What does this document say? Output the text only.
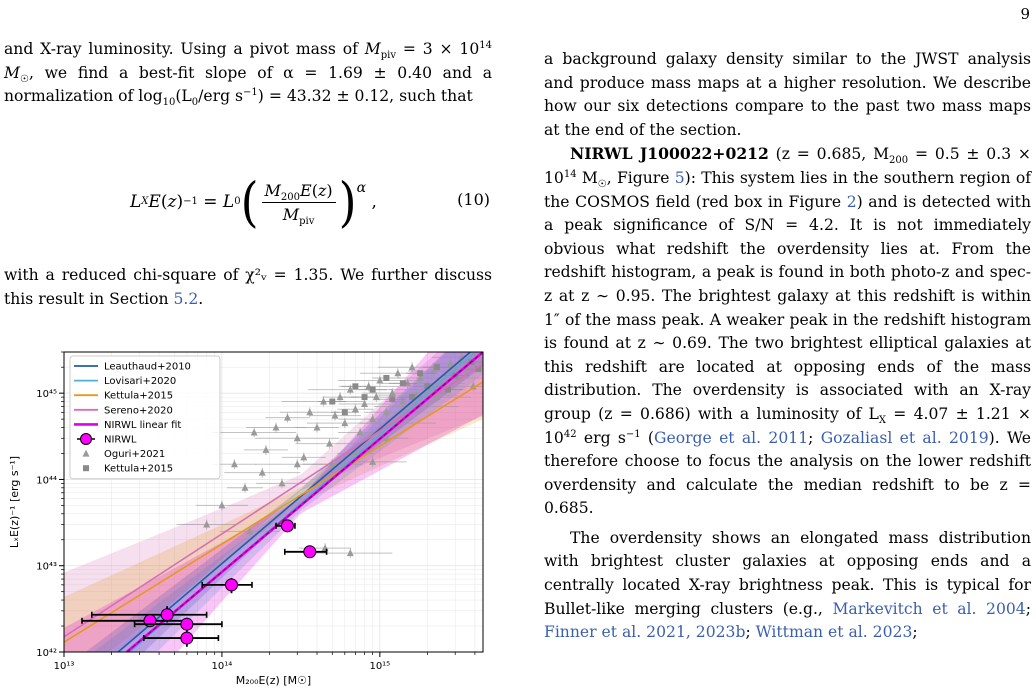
9

and X-ray luminosity. Using a pivot mass of $M_{piv} = 3 \times 10^{14}$ $M_☉$, we find a best-fit slope of α = 1.69 ± 0.40 and a normalization of $\log_{10}(L_0$/erg $s^{-1}) = 43.32 \pm 0.12$, such that

L X E ( z ) −1 = L 0 ( $\frac{M_{200}E(z)}{M_{piv}} )^\alpha$
,	(10)

with a reduced chi-square of χ²ᵥ = 1.35. We further discuss this result in Section 5.2.

10¹³	10¹⁴	10¹⁵
10⁴²
10⁴³
10⁴⁴
10⁴⁵
M₂₀₀E(z) [M☉]
LₓE(z)⁻¹ [erg s⁻¹]
Leauthaud+2010
Lovisari+2020
Kettula+2015
Sereno+2020
NIRWL linear fit
NIRWL
Oguri+2021
Kettula+2015

a background galaxy density similar to the JWST analysis and produce mass maps at a higher resolution. We describe how our six detections compare to the past two mass maps at the end of the section.

NIRWL J100022+0212 (z = 0.685, $M_{200} = 0.5 \pm 0.3 \times 10^{14}$ $M_☉$, Figure 5): This system lies in the southern region of the COSMOS field (red box in Figure 2) and is detected with a peak significance of S/N = 4.2. It is not immediately obvious what redshift the overdensity lies at. From the redshift histogram, a peak is found in both photo-z and spec-z at z ∼ 0.95. The brightest galaxy at this redshift is within 1″ of the mass peak. A weaker peak in the redshift histogram is found at z ∼ 0.69. The two brightest elliptical galaxies at this redshift are located at opposing ends of the mass distribution. The overdensity is associated with an X-ray group (z = 0.686) with a luminosity of $L_X = 4.07 \pm 1.21 \times 10^{42}$ erg $s^{-1}$ (George et al. 2011; Gozaliasl et al. 2019). We therefore choose to focus the analysis on the lower redshift overdensity and calculate the median redshift to be z = 0.685.

The overdensity shows an elongated mass distribution with brightest cluster galaxies at opposing ends and a centrally located X-ray brightness peak. This is typical for Bullet-like merging clusters (e.g., Markevitch et al. 2004; Finner et al. 2021, 2023b; Wittman et al. 2023;
